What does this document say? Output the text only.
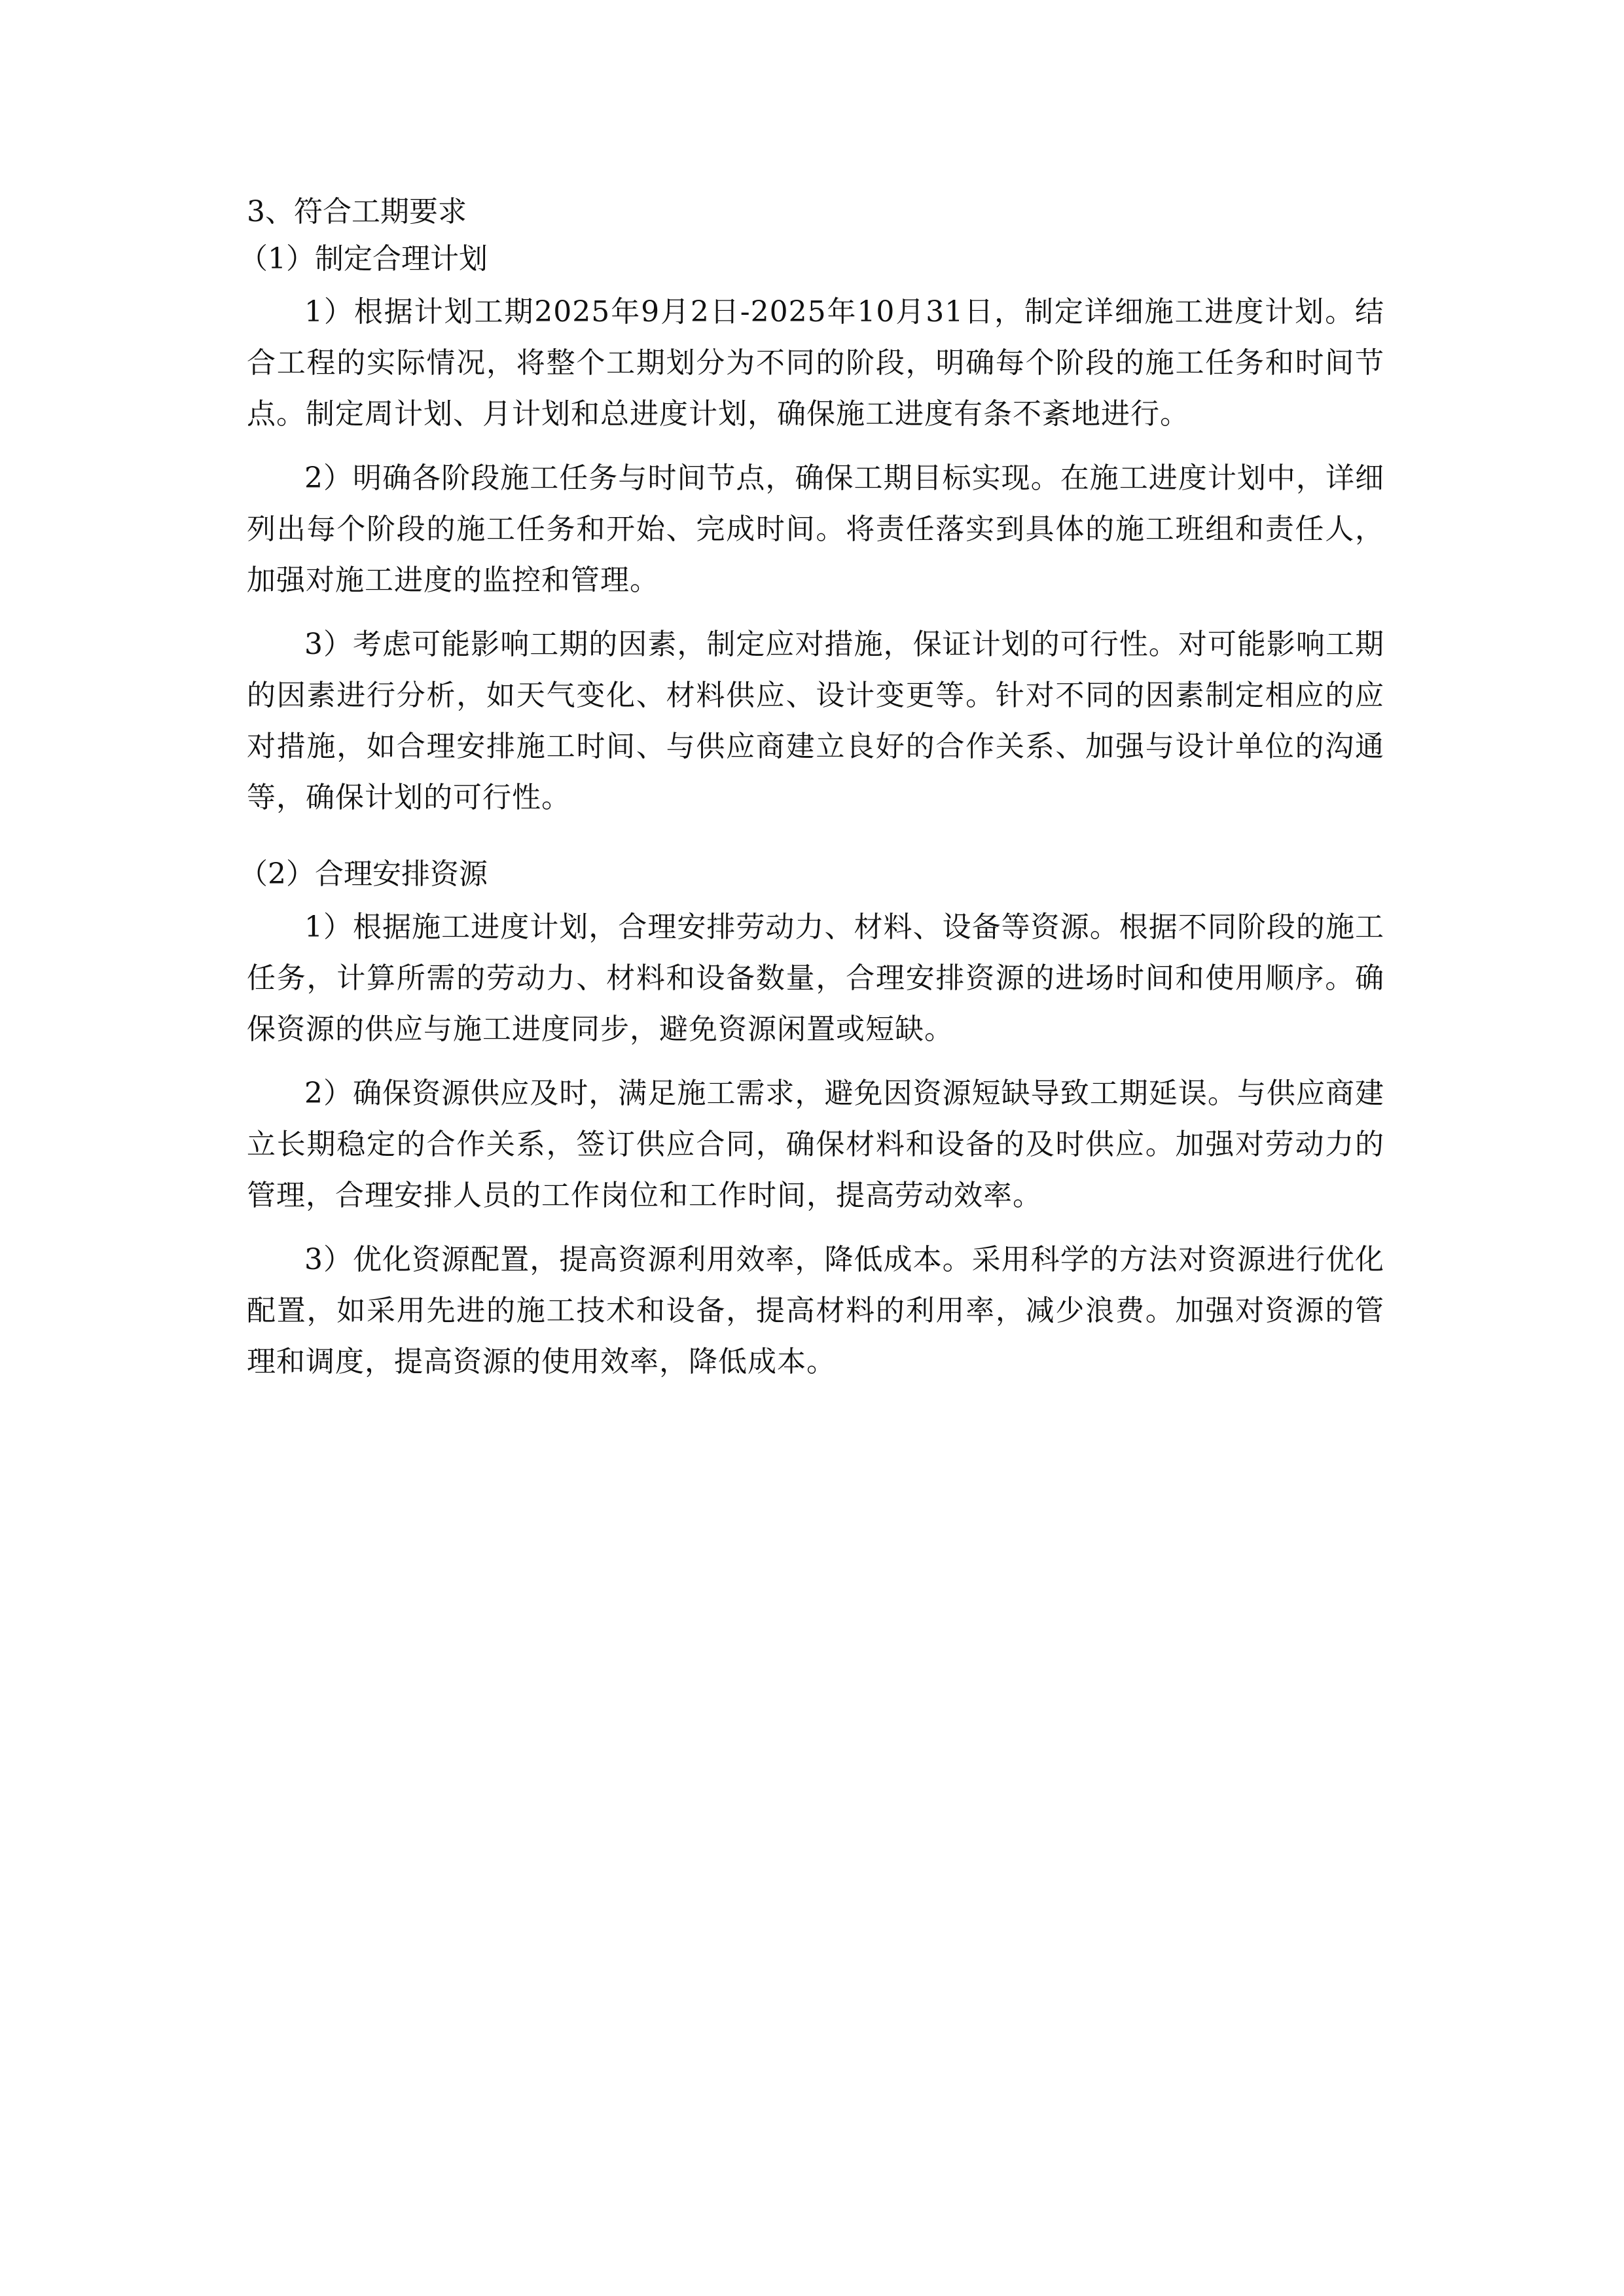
3、符合工期要求
（1）制定合理计划

1）根据计划工期2025年9月2日-2025年10月31日，制定详细施工进度计划。结合工程的实际情况，将整个工期划分为不同的阶段，明确每个阶段的施工任务和时间节点。制定周计划、月计划和总进度计划，确保施工进度有条不紊地进行。

2）明确各阶段施工任务与时间节点，确保工期目标实现。在施工进度计划中，详细列出每个阶段的施工任务和开始、完成时间。将责任落实到具体的施工班组和责任人，加强对施工进度的监控和管理。

3）考虑可能影响工期的因素，制定应对措施，保证计划的可行性。对可能影响工期的因素进行分析，如天气变化、材料供应、设计变更等。针对不同的因素制定相应的应对措施，如合理安排施工时间、与供应商建立良好的合作关系、加强与设计单位的沟通等，确保计划的可行性。

（2）合理安排资源

1）根据施工进度计划，合理安排劳动力、材料、设备等资源。根据不同阶段的施工任务，计算所需的劳动力、材料和设备数量，合理安排资源的进场时间和使用顺序。确保资源的供应与施工进度同步，避免资源闲置或短缺。

2）确保资源供应及时，满足施工需求，避免因资源短缺导致工期延误。与供应商建立长期稳定的合作关系，签订供应合同，确保材料和设备的及时供应。加强对劳动力的管理，合理安排人员的工作岗位和工作时间，提高劳动效率。

3）优化资源配置，提高资源利用效率，降低成本。采用科学的方法对资源进行优化配置，如采用先进的施工技术和设备，提高材料的利用率，减少浪费。加强对资源的管理和调度，提高资源的使用效率，降低成本。
